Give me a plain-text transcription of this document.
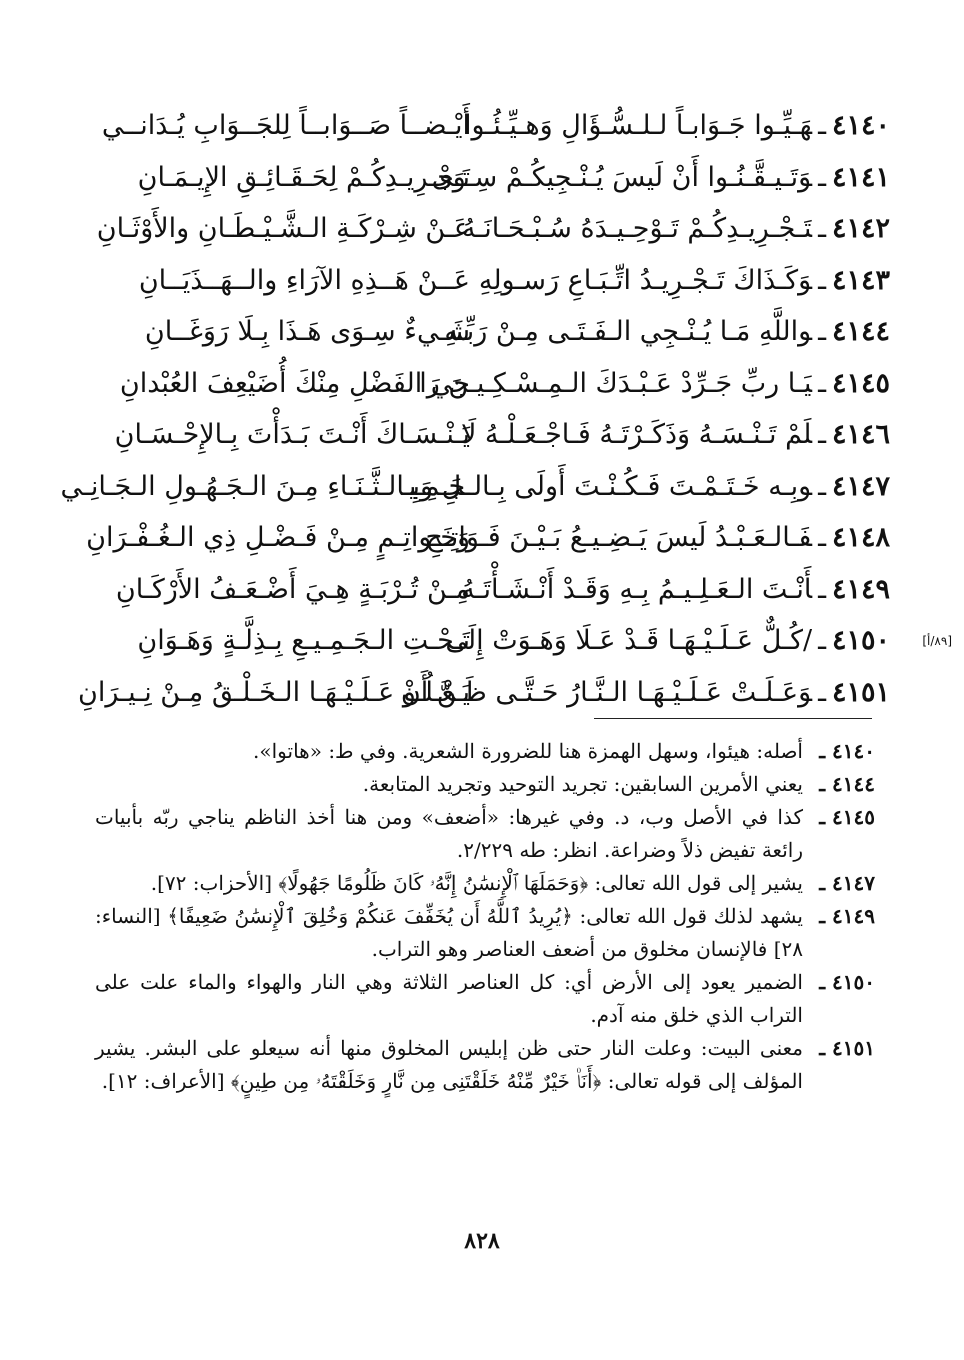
٤١٤٠ـهَـيِّـوا جَـوَابـاً لـلـسُّـؤَالِ وَهـيِّـئُـوا
أَيْـضــاً صَــوَابــاً لِلجَــوَابِ يُـدَانــي
٤١٤١ـوَتَـيـقَّـنُـوا أَنْ لَيسَ يُـنْـجِيكُـمْ سِـوَى
تَـجْـرِيـدِكُـمْ لِحَـقَـائِـقِ الإِيـمَـانِ
٤١٤٢ـتَـجْـرِيـدِكُـمْ تَـوْحِـيـدَهُ سُـبْـحَـانَـهُ
عَـنْ شِـرْكَـةِ الـشَّـيْـطَـانِ والأَوْثَـانِ
٤١٤٣ـوَكَـذَاكَ تَـجْـرِيـدُ اتِّـبَـاعِ رَسـولِهِ
عَــنْ هَــذِهِ الآرَاءِ والــهَــذَيَــانِ
٤١٤٤ـواللَّهِ مَـا يُـنْـجِي الـفَـتَـى مِـنْ رَبِّـهِ
شَـيءٌ سِـوَى هَـذَا بِـلَا رَوَغَــانِ
٤١٤٥ـيَـا ربِّ جَـرِّدْ عَـبْـدَكَ الـمِـسْـكِـيـنَ رَا
جي الفَضْلِ مِنْكَ أُضَيْعِفَ العُبْدانِ
٤١٤٦ـلَمْ تَـنْـسَـهُ وَذَكَـرْتَـهُ فَـاجْـعَـلْـهُ لَا
يَـنْـسَـاكَ أَنْـتَ بَـدَأْتَ بِـالإِحْـسَـانِ
٤١٤٧ـوبِـه خَـتَـمْـتَ فَـكُـنْـتَ أَولَى بِـالـجَـمِـيـ
ـلِ وَبِـالـثَّـنَـاءِ مِـنَ الـجَـهُـولِ الـجَـانِـي
٤١٤٨ـفَـالـعَـبْـدُ لَيسَ يَـضِـيـعُ بَـيْـنَ فَـوَاتِـحِ
وَخَـواتِـمٍ مِـنْ فَـضْـلِ ذِي الـغُـفْـرَانِ
٤١٤٩ـأَنْـتَ الـعَـلِـيـمُ بِـهِ وَقَـدْ أَنْـشَـأْتَـهُ
مِـنْ تُـرْبَـةٍ هِـيَ أَضْـعَـفُ الأَرْكَـانِ
[٨٩/أ]
٤١٥٠ـ/كُـلٌّ عَـلَـيْـهَـا قَـدْ عَـلَا وَهَـوَتْ إِلَى
تَـحْـتِ الـجَـمِـيـعِ بِـذِلَّـةٍ وَهَـوَانِ
٤١٥١ـوَعَـلَـتْ عَـلَـيْـهَـا الـنَّـارُ حَـتَّـى ظَـنَّ أَنْ
يَـعْـلُـو عَـلَـيْـهَـا الـخَـلْـقُ مِـنْ نِـيـرَانِ
٤١٤٠ ـ
أصله: هيئوا، وسهل الهمزة هنا للضرورة الشعرية. وفي ط: «هاتوا».
٤١٤٤ ـ
يعني الأمرين السابقين: تجريد التوحيد وتجريد المتابعة.
٤١٤٥ ـ
كذا في الأصل وب، د. وفي غيرها: «أضعف» ومن هنا أخذ الناظم يناجي ربّه بأبيات رائعة تفيض ذلاً وضراعة. انظر: طه ٢/٢٢٩.
٤١٤٧ ـ
يشير إلى قول الله تعالى: ﴿وَحَمَلَهَا ٱلْإِنسَٰنُ إِنَّهُۥ كَانَ ظَلُومًا جَهُولًا﴾ [الأحزاب: ٧٢].
٤١٤٩ ـ
يشهد لذلك قول الله تعالى: ﴿يُرِيدُ ٱللَّهُ أَن يُخَفِّفَ عَنكُمْ وَخُلِقَ ٱلْإِنسَٰنُ ضَعِيفًا﴾ [النساء: ٢٨] فالإنسان مخلوق من أضعف العناصر وهو التراب.
٤١٥٠ ـ
الضمير يعود إلى الأرض أي: كل العناصر الثلاثة وهي النار والهواء والماء علت على التراب الذي خلق منه آدم.
٤١٥١ ـ
معنى البيت: وعلت النار حتى ظن إبليس المخلوق منها أنه سيعلو على البشر. يشير المؤلف إلى قوله تعالى: ﴿أَنَا۠ خَيْرٌ مِّنْهُ خَلَقْتَنِى مِن نَّارٍ وَخَلَقْتَهُۥ مِن طِينٍ﴾ [الأعراف: ١٢].
٨٢٨
